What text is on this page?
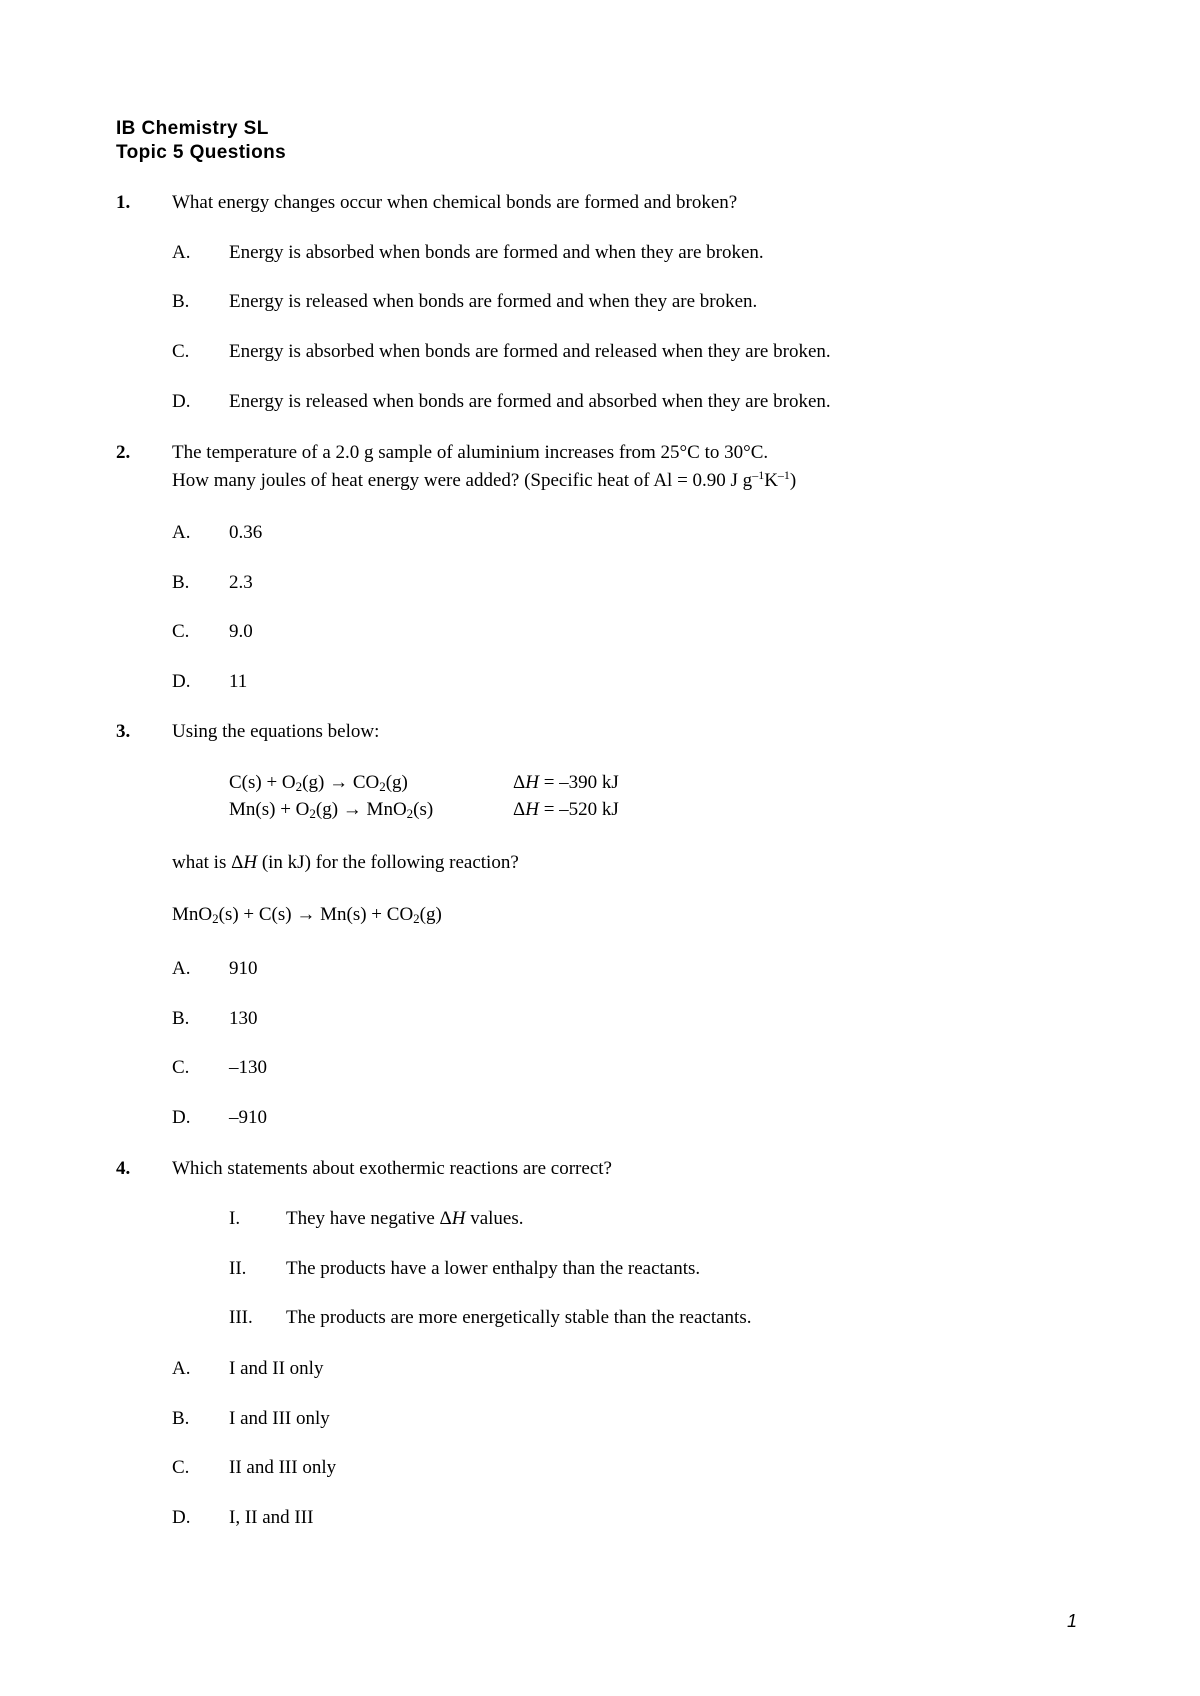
IB Chemistry SL
Topic 5 Questions
1. What energy changes occur when chemical bonds are formed and broken?
A. Energy is absorbed when bonds are formed and when they are broken.
B. Energy is released when bonds are formed and when they are broken.
C. Energy is absorbed when bonds are formed and released when they are broken.
D. Energy is released when bonds are formed and absorbed when they are broken.
2. The temperature of a 2.0 g sample of aluminium increases from 25°C to 30°C.
How many joules of heat energy were added? (Specific heat of Al = 0.90 J $g^{-1}K^{-1}$)
A. 0.36
B. 2.3
C. 9.0
D. 11
3. Using the equations below:
$C(s) + O_2(g) \to CO_2(g)$	ΔH = –390 kJ
$Mn(s) + O_2(g) \to MnO_2(s)$	ΔH = –520 kJ
what is ΔH (in kJ) for the following reaction?
$MnO_2(s) + C(s) \to Mn(s) + CO_2(g)$
A. 910
B. 130
C. –130
D. –910
4. Which statements about exothermic reactions are correct?
I. They have negative ΔH values.
II. The products have a lower enthalpy than the reactants.
III. The products are more energetically stable than the reactants.
A. I and II only
B. I and III only
C. II and III only
D. I, II and III
1
